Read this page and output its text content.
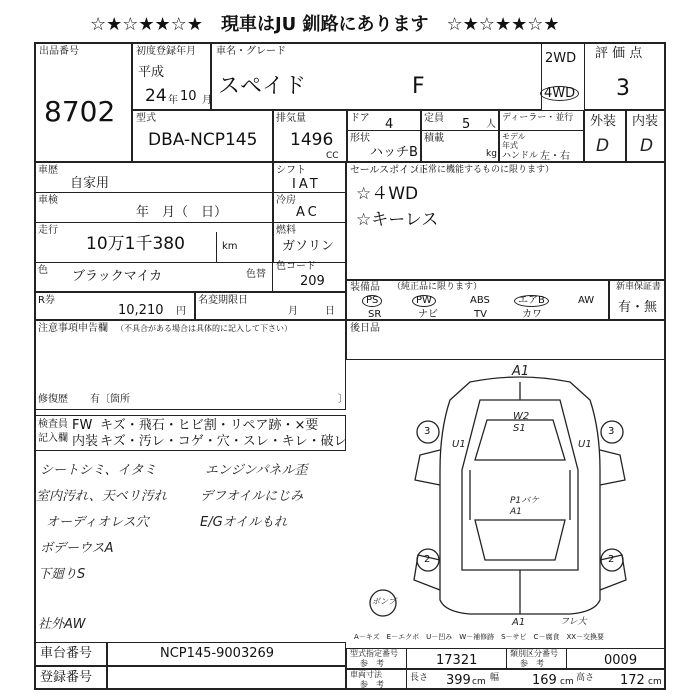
☆★☆★★☆★　現車はJU 釧路にあります　☆★☆★★☆★
出品番号
8702
初度登録年月
平成
24 年 10 月
車名・グレード
スペイド	F
2WD
4WD
評 価 点
3
外装 内装
D D
型式
DBA-NCP145
排気量
1496
CC
ドア 4	定員 5 人
形状
ハッチB
積載
kg
ディーラー・並行
モデル
年式
ハンドル 左・右
車歴
自家用
シフト
IAT
車検
年　月（　日）
冷房
AC
走行
10万1千380	km
燃料
ガソリン
色 ブラックマイカ	色替
色コード
209
R券
10,210 円
名変期限日
月	日
セールスポイント
（正常に機能するものに限ります）
☆４WD
☆キーレス
装備品 （純正品に限ります）
PS	PW	ABS	エアB	AW
SR	ナビ	TV	カワ
新車保証書
有・無
注意事項申告欄 （不具合がある場合は具体的に記入して下さい）
修復歴 有〔箇所	〕
検査員
記入欄
FW キズ・飛石・ヒビ割・リペア跡・×要
内装 キズ・汚レ・コゲ・穴・スレ・キレ・破レ
後日品
シートシミ、イタミ
室内汚れ、天ベリ汚れ
オーディオレス穴
ボデーウスA
下廻りS
エンジンパネル歪
デフオイルにじみ
E/Gオイルもれ
社外AW
A1
W2
S1
U1	U1
P1バケ
A1
3	3
2	2
ポンプ
A1	フレ大
A－キズ　E－エクボ　U－凹み　W－補修跡　S－サビ　C－腐食　XX－交換要
車台番号	NCP145-9003269
登録番号
型式指定番号
参　考	17321	類別区分番号
参　考	0009
車両寸法
参　考
長さ 399 cm 幅	169 cm 高さ 172 cm
